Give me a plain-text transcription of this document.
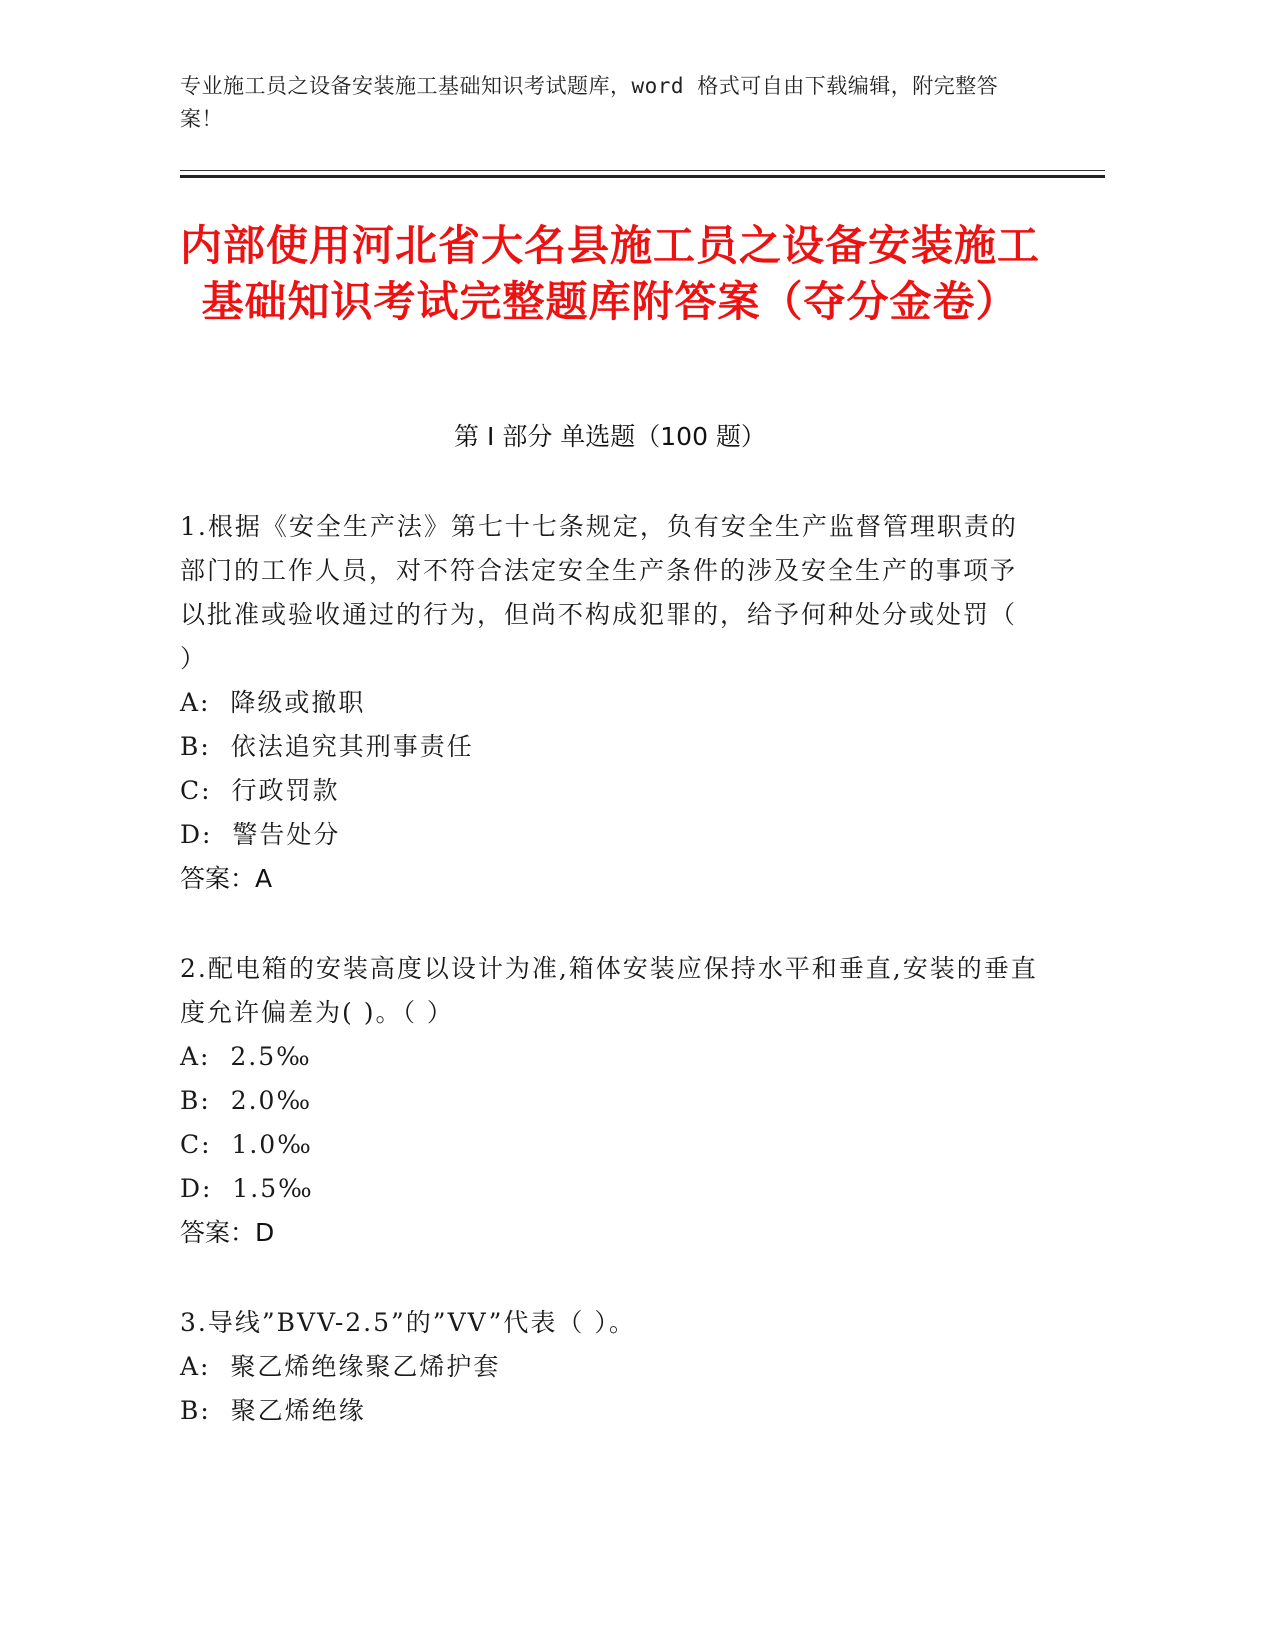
专业施工员之设备安装施工基础知识考试题库，word 格式可自由下载编辑，附完整答案！
内部使用河北省大名县施工员之设备安装施工基础知识考试完整题库附答案（夺分金卷）
第 I 部分 单选题（100 题）

1.根据《安全生产法》第七十七条规定，负有安全生产监督管理职责的部门的工作人员，对不符合法定安全生产条件的涉及安全生产的事项予以批准或验收通过的行为，但尚不构成犯罪的，给予何种处分或处罚（ ）

A:  降级或撤职

B:  依法追究其刑事责任

C:  行政罚款

D:  警告处分

答案：A

2.配电箱的安装高度以设计为准,箱体安装应保持水平和垂直,安装的垂直度允许偏差为( )。（ ）

A:  2.5‰

B:  2.0‰

C:  1.0‰

D:  1.5‰

答案：D

3.导线”BVV-2.5”的”VV”代表（ ）。

A:  聚乙烯绝缘聚乙烯护套

B:  聚乙烯绝缘
